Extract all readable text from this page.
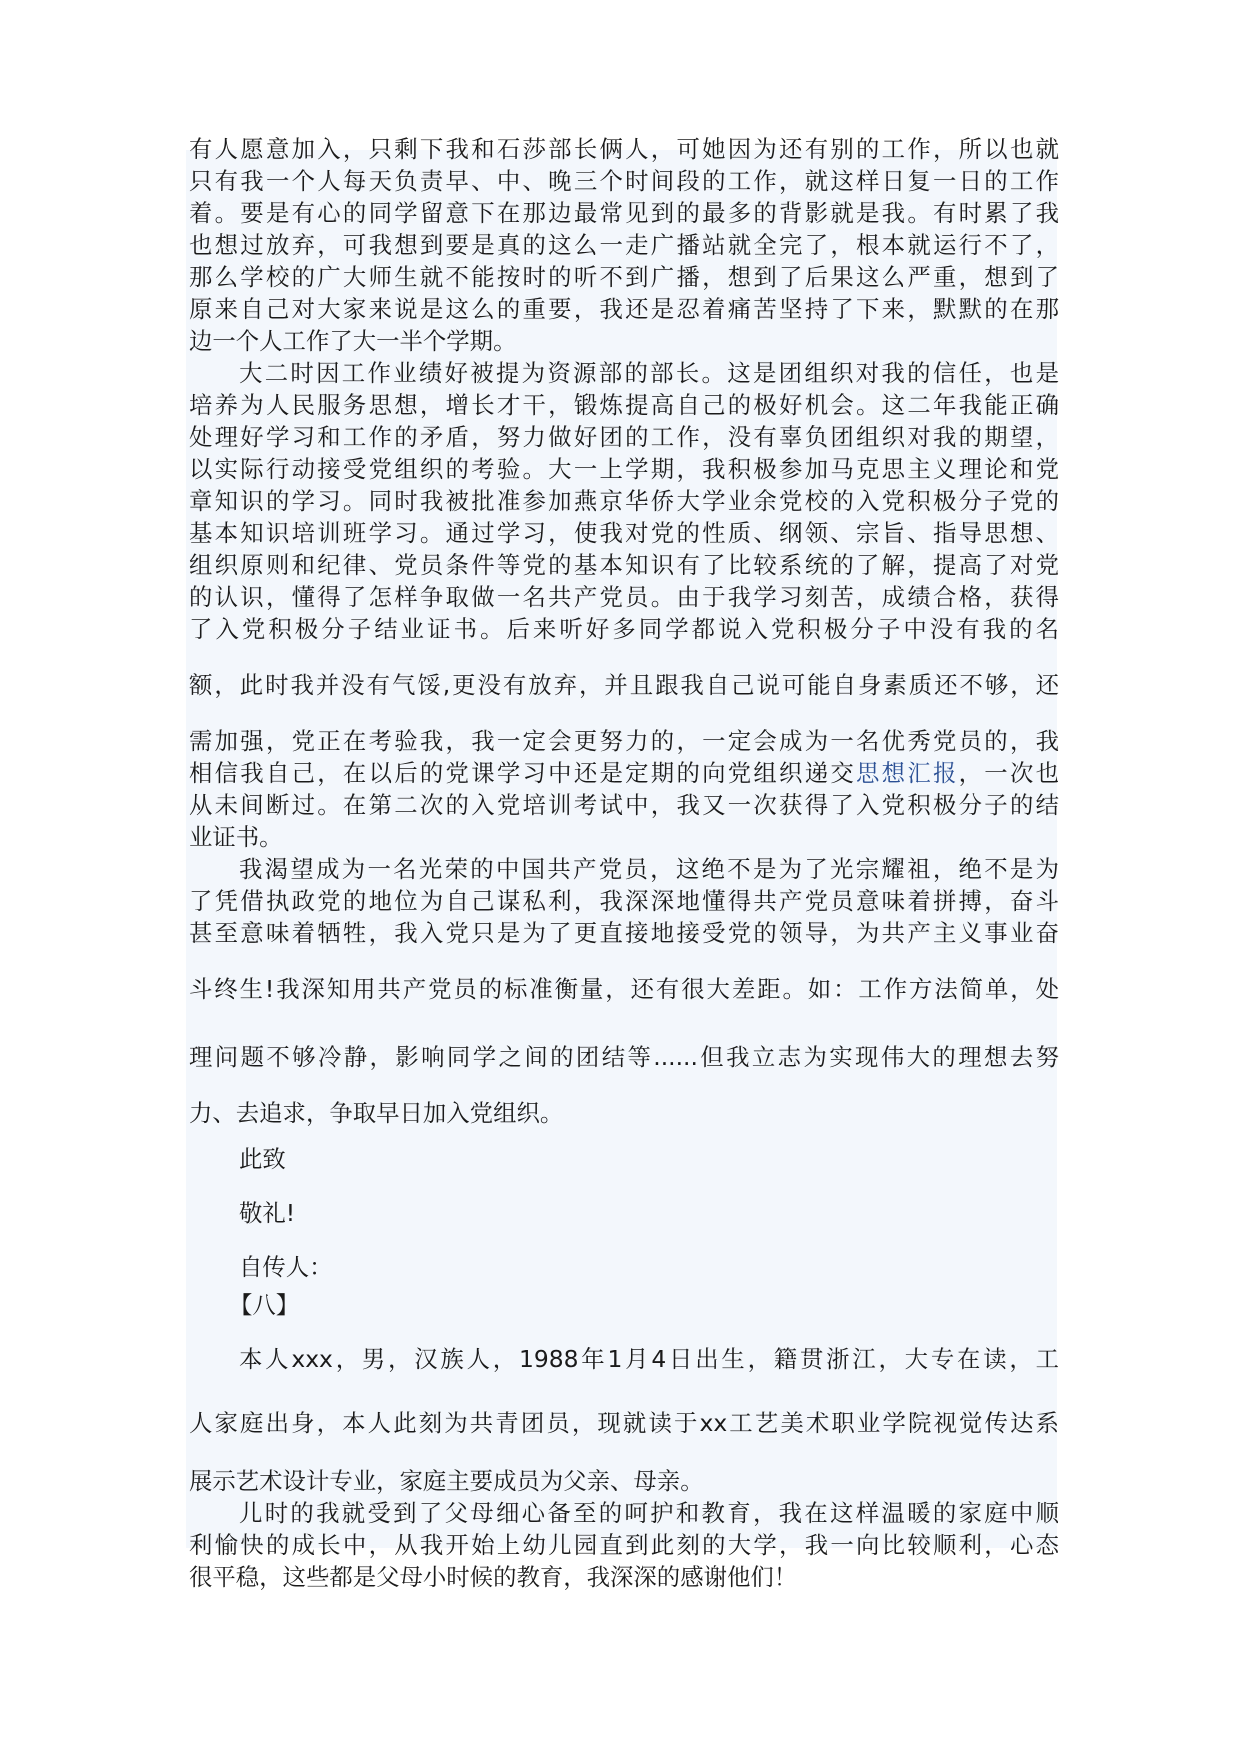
有人愿意加入，只剩下我和石莎部长俩人，可她因为还有别的工作，所以也就
只有我一个人每天负责早、中、晚三个时间段的工作，就这样日复一日的工作
着。要是有心的同学留意下在那边最常见到的最多的背影就是我。有时累了我
也想过放弃，可我想到要是真的这么一走广播站就全完了，根本就运行不了，
那么学校的广大师生就不能按时的听不到广播，想到了后果这么严重，想到了
原来自己对大家来说是这么的重要，我还是忍着痛苦坚持了下来，默默的在那
边一个人工作了大一半个学期。
大二时因工作业绩好被提为资源部的部长。这是团组织对我的信任，也是
培养为人民服务思想，增长才干，锻炼提高自己的极好机会。这二年我能正确
处理好学习和工作的矛盾，努力做好团的工作，没有辜负团组织对我的期望，
以实际行动接受党组织的考验。大一上学期，我积极参加马克思主义理论和党
章知识的学习。同时我被批准参加燕京华侨大学业余党校的入党积极分子党的
基本知识培训班学习。通过学习，使我对党的性质、纲领、宗旨、指导思想、
组织原则和纪律、党员条件等党的基本知识有了比较系统的了解，提高了对党
的认识，懂得了怎样争取做一名共产党员。由于我学习刻苦，成绩合格，获得
了入党积极分子结业证书。后来听好多同学都说入党积极分子中没有我的名
额，此时我并没有气馁,更没有放弃，并且跟我自己说可能自身素质还不够，还
需加强，党正在考验我，我一定会更努力的，一定会成为一名优秀党员的，我
相信我自己，在以后的党课学习中还是定期的向党组织递交思想汇报，一次也
从未间断过。在第二次的入党培训考试中，我又一次获得了入党积极分子的结
业证书。
我渴望成为一名光荣的中国共产党员，这绝不是为了光宗耀祖，绝不是为
了凭借执政党的地位为自己谋私利，我深深地懂得共产党员意味着拼搏，奋斗
甚至意味着牺牲，我入党只是为了更直接地接受党的领导，为共产主义事业奋
斗终生!我深知用共产党员的标准衡量，还有很大差距。如：工作方法简单，处
理问题不够冷静，影响同学之间的团结等......但我立志为实现伟大的理想去努
力、去追求，争取早日加入党组织。
此致
敬礼!
自传人：
【八】
本人xxx，男，汉族人，1988年1月4日出生，籍贯浙江，大专在读，工
人家庭出身，本人此刻为共青团员，现就读于xx工艺美术职业学院视觉传达系
展示艺术设计专业，家庭主要成员为父亲、母亲。
儿时的我就受到了父母细心备至的呵护和教育，我在这样温暖的家庭中顺
利愉快的成长中，从我开始上幼儿园直到此刻的大学，我一向比较顺利，心态
很平稳，这些都是父母小时候的教育，我深深的感谢他们！
